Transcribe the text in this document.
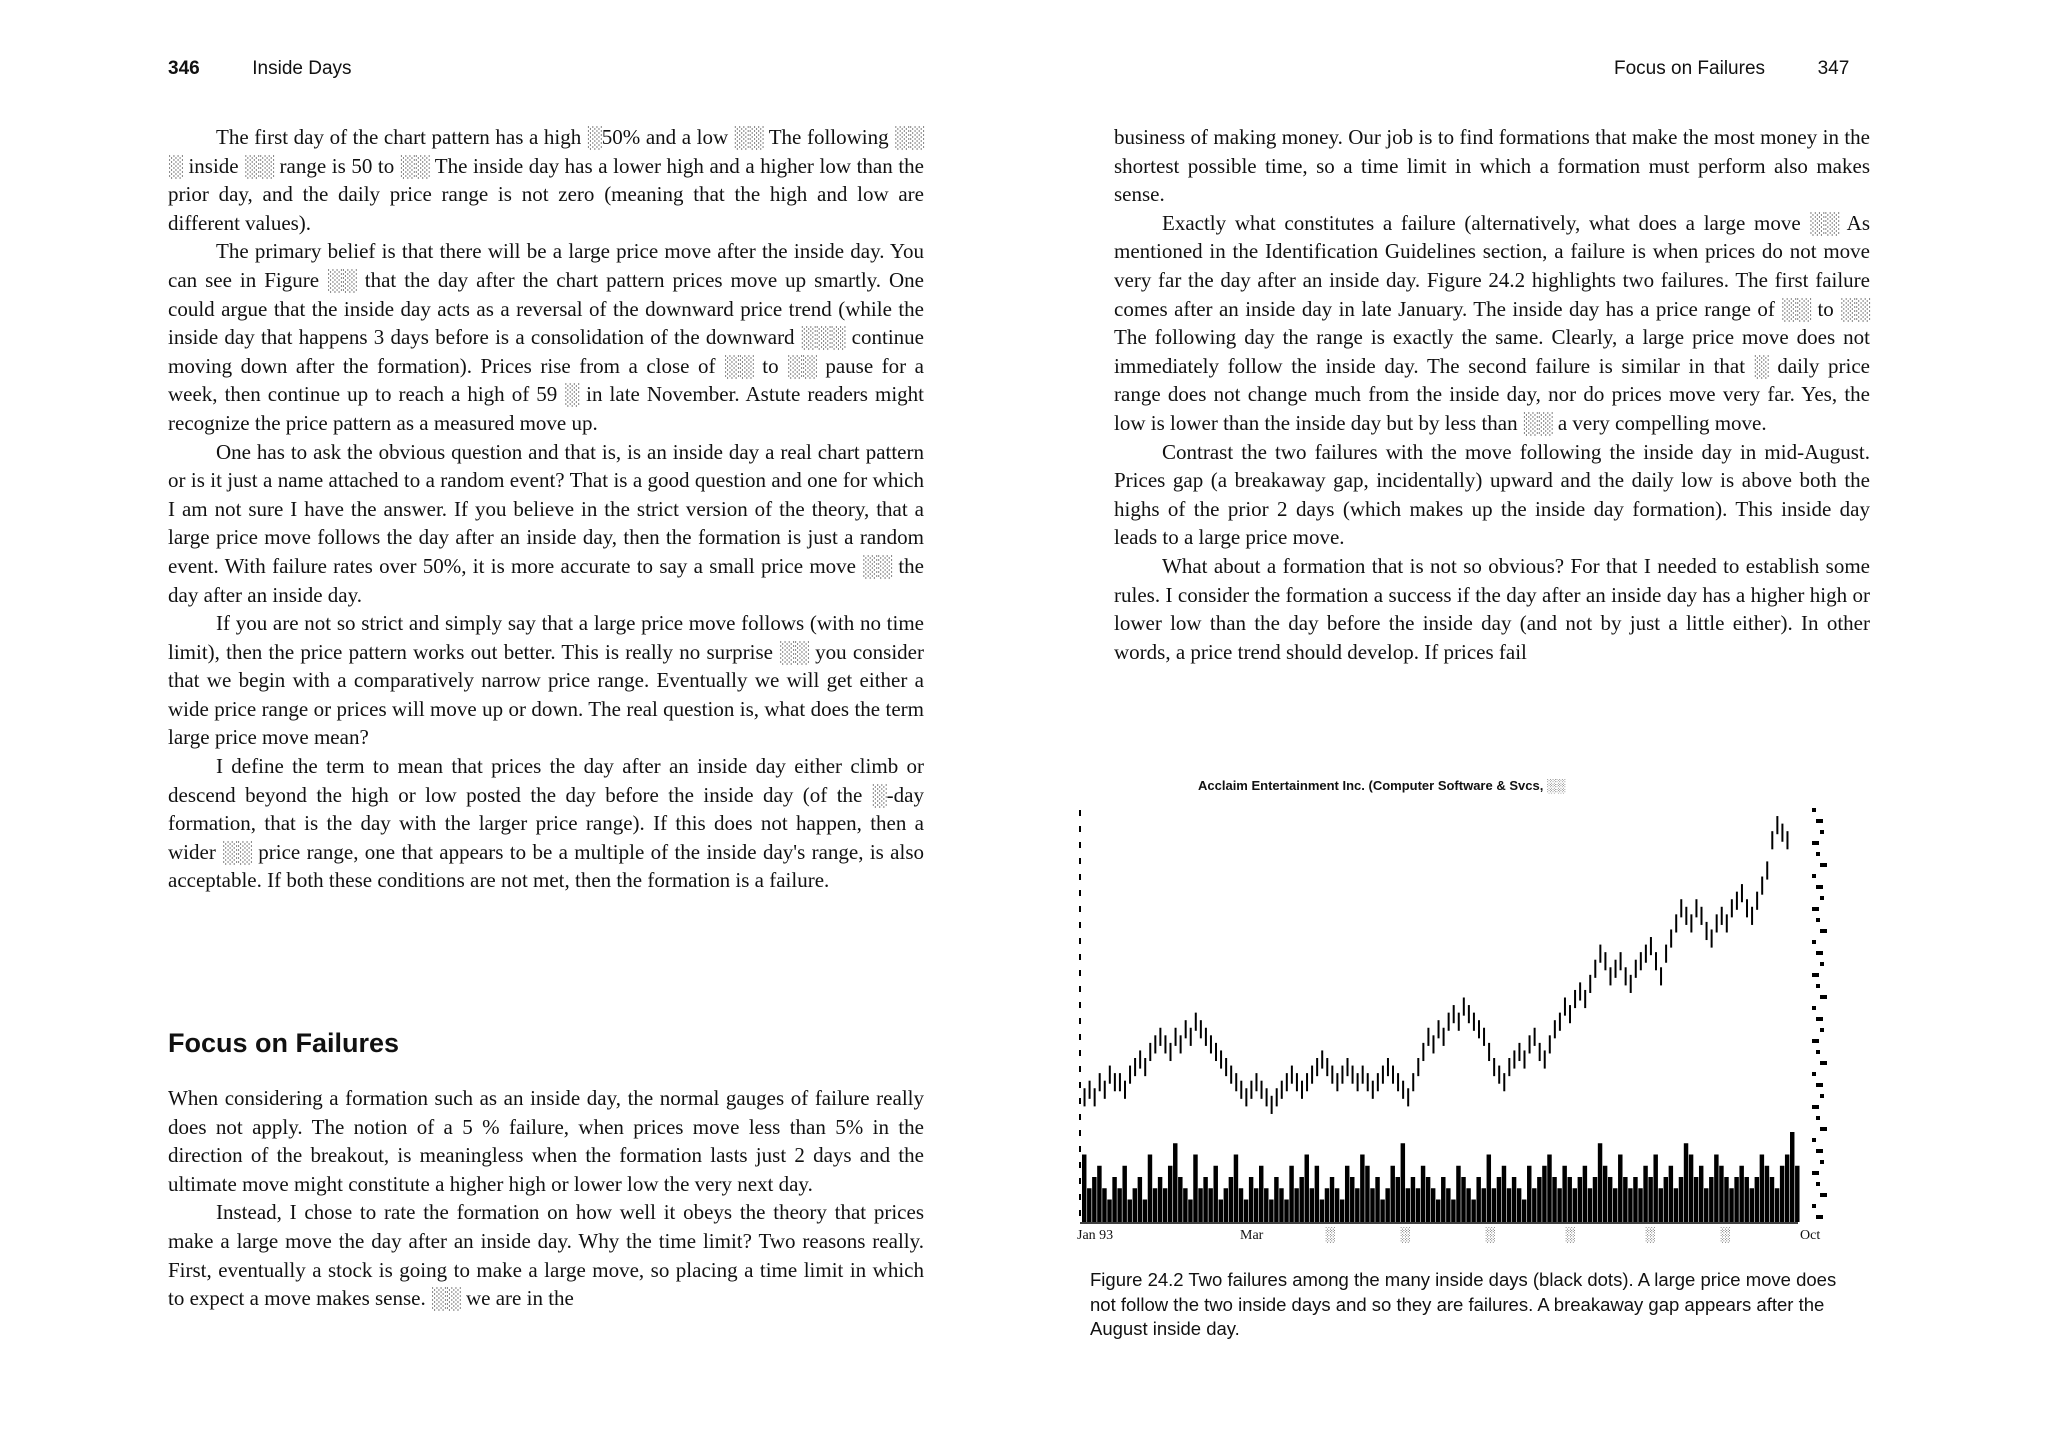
346	Inside Days

The first day of the chart pattern has a high ░50% and a low ░░ The following ░░ ░ inside ░░ range is 50 to ░░ The inside day has a lower high and a higher low than the prior day, and the daily price range is not zero (meaning that the high and low are different values).

The primary belief is that there will be a large price move after the inside day. You can see in Figure ░░ that the day after the chart pattern prices move up smartly. One could argue that the inside day acts as a reversal of the downward price trend (while the inside day that happens 3 days before is a consolidation of the downward ░░░ continue moving down after the formation). Prices rise from a close of ░░ to ░░ pause for a week, then continue up to reach a high of 59 ░ in late November. Astute readers might recognize the price pattern as a measured move up.

One has to ask the obvious question and that is, is an inside day a real chart pattern or is it just a name attached to a random event? That is a good question and one for which I am not sure I have the answer. If you believe in the strict version of the theory, that a large price move follows the day after an inside day, then the formation is just a random event. With failure rates over 50%, it is more accurate to say a small price move ░░ the day after an inside day.

If you are not so strict and simply say that a large price move follows (with no time limit), then the price pattern works out better. This is really no surprise ░░ you consider that we begin with a comparatively narrow price range. Eventually we will get either a wide price range or prices will move up or down. The real question is, what does the term large price move mean?

I define the term to mean that prices the day after an inside day either climb or descend beyond the high or low posted the day before the inside day (of the ░-day formation, that is the day with the larger price range). If this does not happen, then a wider ░░ price range, one that appears to be a multiple of the inside day's range, is also acceptable. If both these conditions are not met, then the formation is a failure.

Focus on Failures

When considering a formation such as an inside day, the normal gauges of failure really does not apply. The notion of a 5 % failure, when prices move less than 5% in the direction of the breakout, is meaningless when the formation lasts just 2 days and the ultimate move might constitute a higher high or lower low the very next day.

Instead, I chose to rate the formation on how well it obeys the theory that prices make a large move the day after an inside day. Why the time limit? Two reasons really. First, eventually a stock is going to make a large move, so placing a time limit in which to expect a move makes sense. ░░ we are in the

Focus on Failures	347

business of making money. Our job is to find formations that make the most money in the shortest possible time, so a time limit in which a formation must perform also makes sense.

Exactly what constitutes a failure (alternatively, what does a large move ░░ As mentioned in the Identification Guidelines section, a failure is when prices do not move very far the day after an inside day. Figure 24.2 highlights two failures. The first failure comes after an inside day in late January. The inside day has a price range of ░░ to ░░ The following day the range is exactly the same. Clearly, a large price move does not immediately follow the inside day. The second failure is similar in that ░ daily price range does not change much from the inside day, nor do prices move very far. Yes, the low is lower than the inside day but by less than ░░ a very compelling move.

Contrast the two failures with the move following the inside day in mid-August. Prices gap (a breakaway gap, incidentally) upward and the daily low is above both the highs of the prior 2 days (which makes up the inside day formation). This inside day leads to a large price move.

What about a formation that is not so obvious? For that I needed to establish some rules. I consider the formation a success if the day after an inside day has a higher high or lower low than the day before the inside day (and not by just a little either). In other words, a price trend should develop. If prices fail

Acclaim Entertainment Inc. (Computer Software & Svcs, ░░
Jan 93	Mar	░	░	░	░	░	░	Oct
Figure 24.2 Two failures among the many inside days (black dots). A large price move does not follow the two inside days and so they are failures. A breakaway gap appears after the August inside day.
